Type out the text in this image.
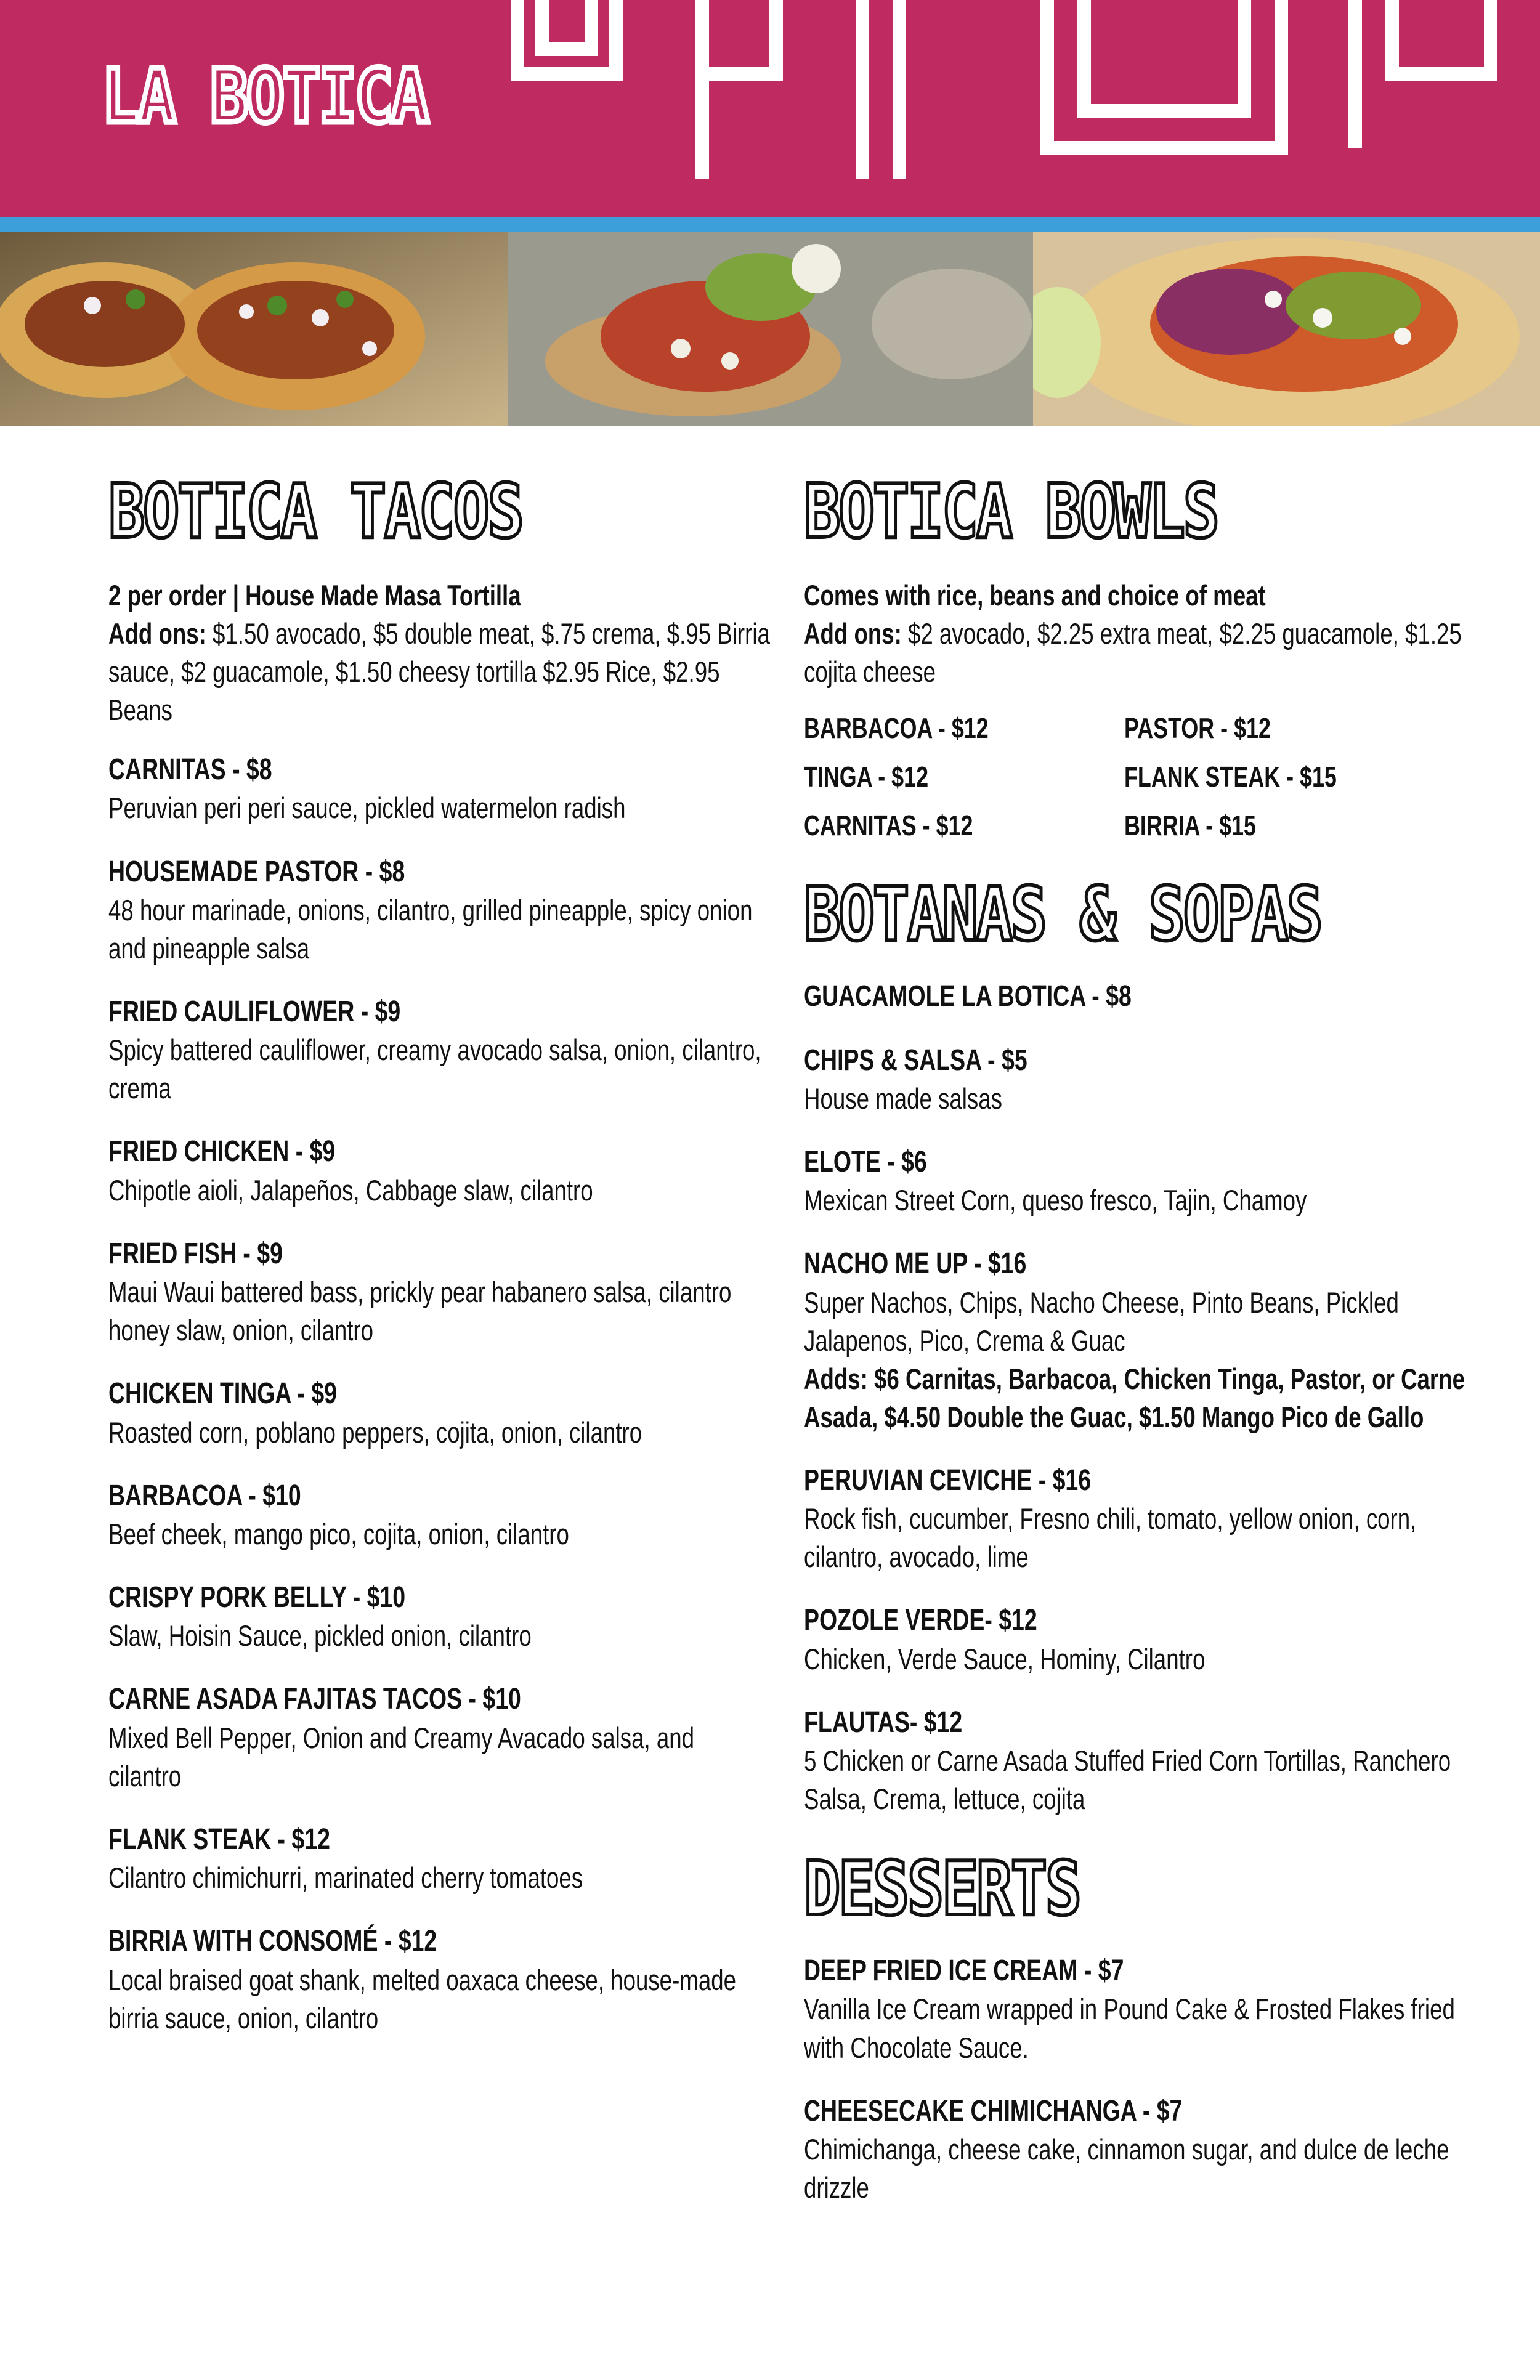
LA BOTICA
BOTICA TACOS
2 per order | House Made Masa Tortilla
Add ons: $1.50 avocado, $5 double meat, $.75 crema, $.95 Birria sauce, $2 guacamole, $1.50 cheesy tortilla $2.95 Rice, $2.95 Beans
CARNITAS - $8
Peruvian peri peri sauce, pickled watermelon radish
HOUSEMADE PASTOR - $8
48 hour marinade, onions, cilantro, grilled pineapple, spicy onion and pineapple salsa
FRIED CAULIFLOWER - $9
Spicy battered cauliflower, creamy avocado salsa, onion, cilantro, crema
FRIED CHICKEN - $9
Chipotle aioli, Jalapeños, Cabbage slaw, cilantro
FRIED FISH - $9
Maui Waui battered bass, prickly pear habanero salsa, cilantro honey slaw, onion, cilantro
CHICKEN TINGA - $9
Roasted corn, poblano peppers, cojita, onion, cilantro
BARBACOA - $10
Beef cheek, mango pico, cojita, onion, cilantro
CRISPY PORK BELLY - $10
Slaw, Hoisin Sauce, pickled onion, cilantro
CARNE ASADA FAJITAS TACOS - $10
Mixed Bell Pepper, Onion and Creamy Avacado salsa, and cilantro
FLANK STEAK - $12
Cilantro chimichurri, marinated cherry tomatoes
BIRRIA WITH CONSOMÉ - $12
Local braised goat shank, melted oaxaca cheese, house-made birria sauce, onion, cilantro
BOTICA BOWLS
Comes with rice, beans and choice of meat
Add ons: $2 avocado, $2.25 extra meat, $2.25 guacamole, $1.25 cojita cheese
BARBACOA - $12	PASTOR - $12
TINGA - $12	FLANK STEAK - $15
CARNITAS - $12	BIRRIA - $15
BOTANAS & SOPAS
GUACAMOLE LA BOTICA - $8
CHIPS & SALSA - $5
House made salsas
ELOTE - $6
Mexican Street Corn, queso fresco, Tajin, Chamoy
NACHO ME UP - $16
Super Nachos, Chips, Nacho Cheese, Pinto Beans, Pickled Jalapenos, Pico, Crema & Guac
Adds: $6 Carnitas, Barbacoa, Chicken Tinga, Pastor, or Carne Asada, $4.50 Double the Guac, $1.50 Mango Pico de Gallo
PERUVIAN CEVICHE - $16
Rock fish, cucumber, Fresno chili, tomato, yellow onion, corn, cilantro, avocado, lime
POZOLE VERDE- $12
Chicken, Verde Sauce, Hominy, Cilantro
FLAUTAS- $12
5 Chicken or Carne Asada Stuffed Fried Corn Tortillas, Ranchero Salsa, Crema, lettuce, cojita
DESSERTS
DEEP FRIED ICE CREAM - $7
Vanilla Ice Cream wrapped in Pound Cake & Frosted Flakes fried with Chocolate Sauce.
CHEESECAKE CHIMICHANGA - $7
Chimichanga, cheese cake, cinnamon sugar, and dulce de leche drizzle
